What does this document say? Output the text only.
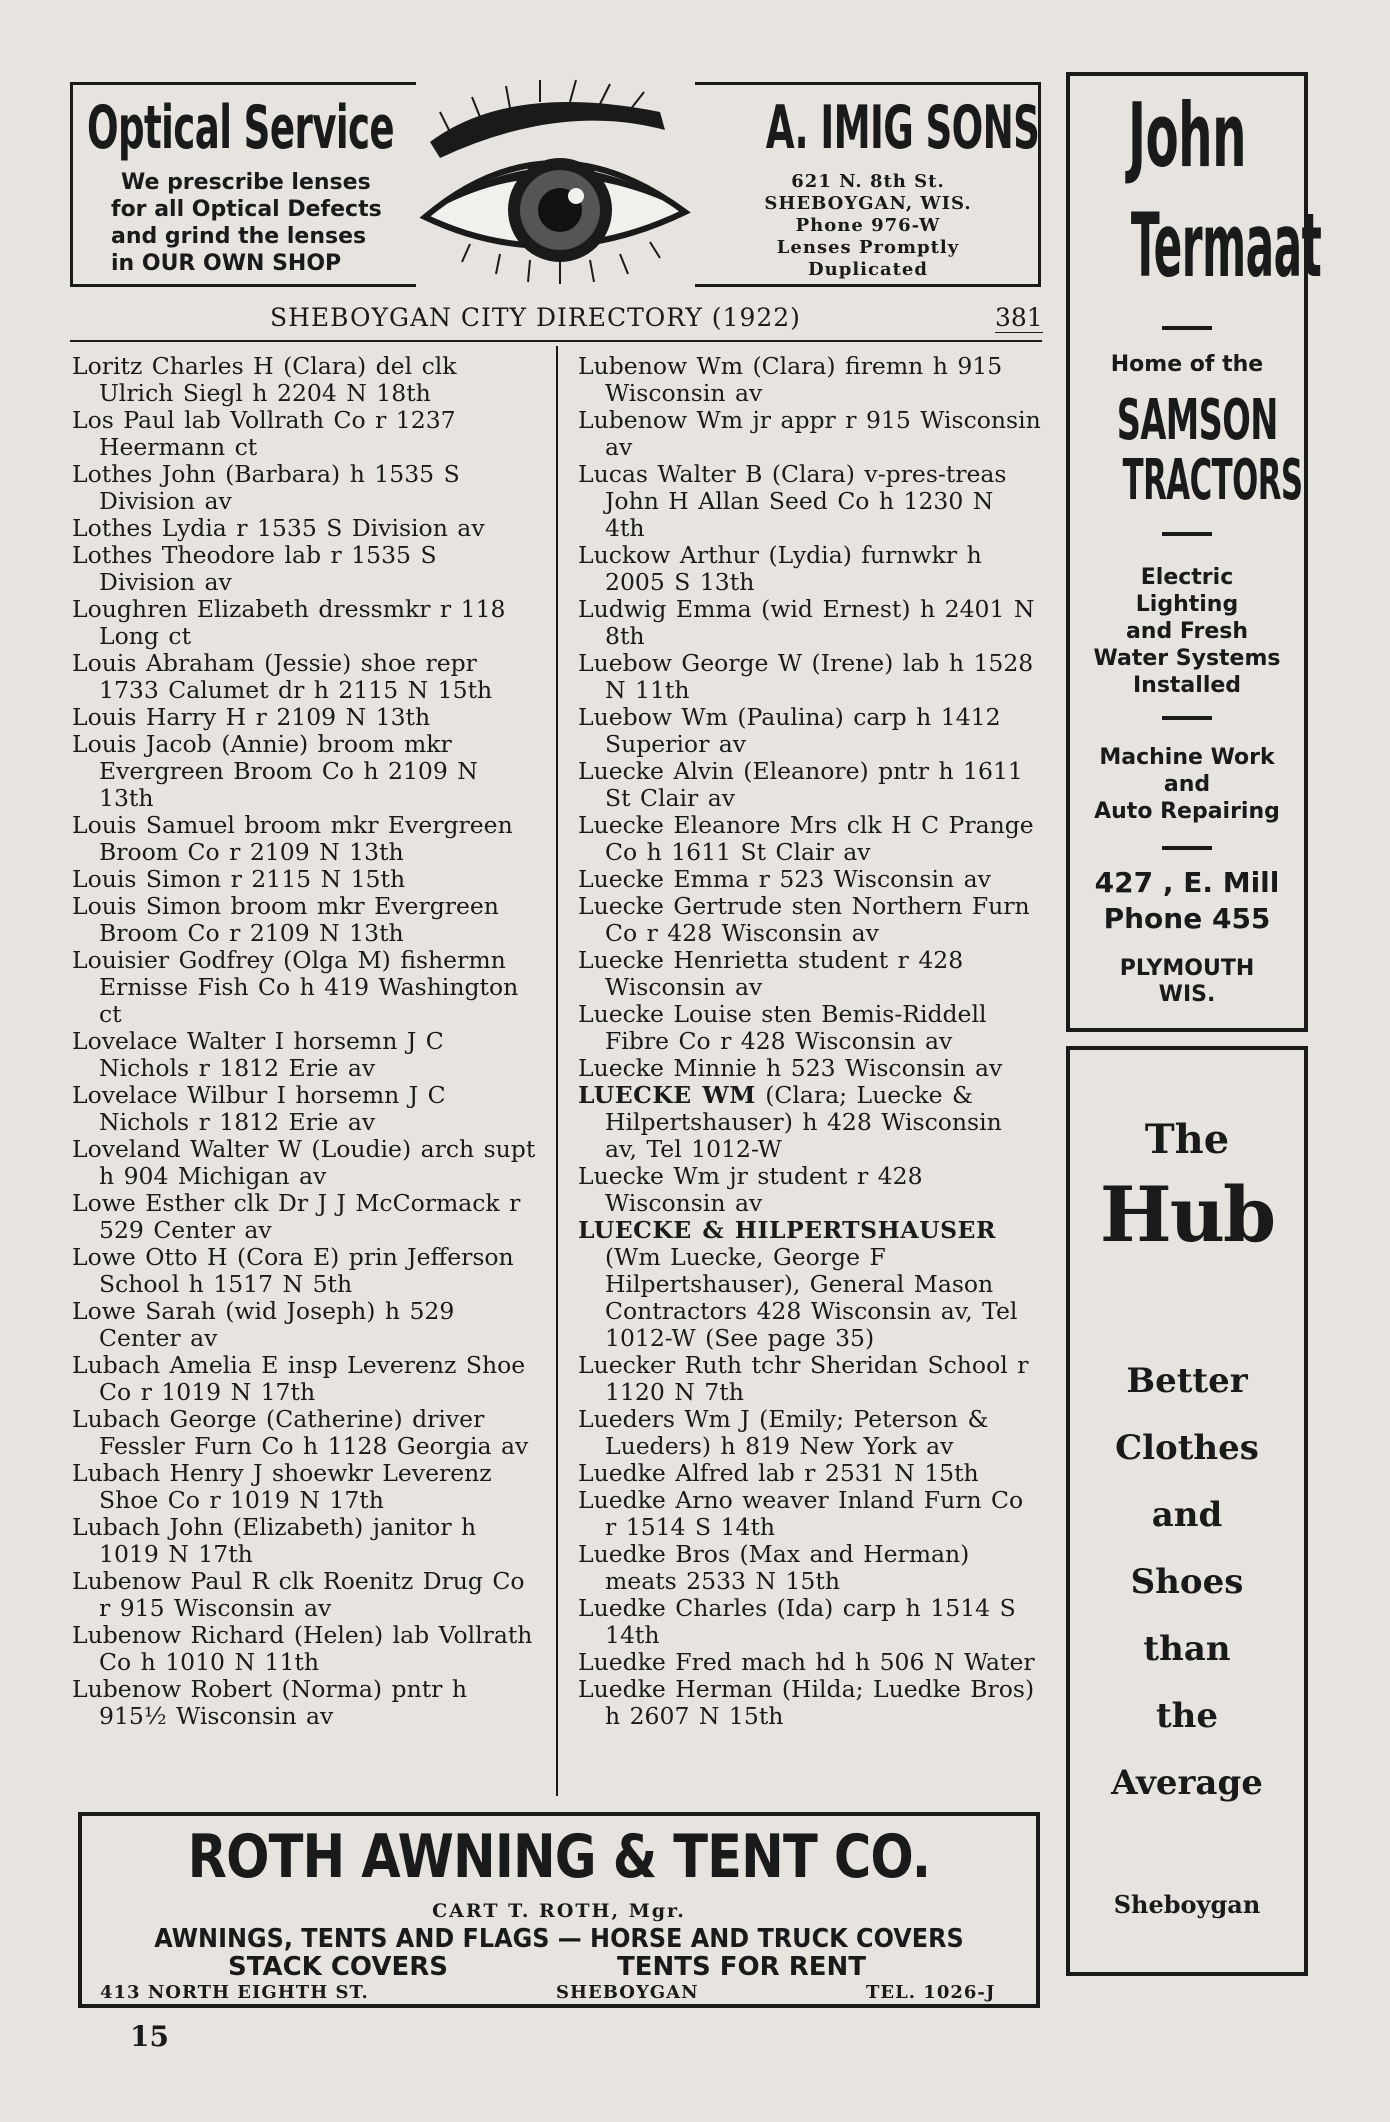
Optical Service
We prescribe lenses
for all Optical Defects
and grind the lenses
in OUR OWN SHOP
A. IMIG SONS
621 N. 8th St.
SHEBOYGAN, WIS.
Phone 976-W
Lenses Promptly
Duplicated
SHEBOYGAN CITY DIRECTORY (1922)	381

Loritz Charles H (Clara) del clk Ulrich Siegl h 2204 N 18th

Los Paul lab Vollrath Co r 1237 Heermann ct

Lothes John (Barbara) h 1535 S Division av

Lothes Lydia r 1535 S Division av

Lothes Theodore lab r 1535 S Division av

Loughren Elizabeth dressmkr r 118 Long ct

Louis Abraham (Jessie) shoe repr 1733 Calumet dr h 2115 N 15th

Louis Harry H r 2109 N 13th

Louis Jacob (Annie) broom mkr Evergreen Broom Co h 2109 N 13th

Louis Samuel broom mkr Evergreen Broom Co r 2109 N 13th

Louis Simon r 2115 N 15th

Louis Simon broom mkr Evergreen Broom Co r 2109 N 13th

Louisier Godfrey (Olga M) fishermn Ernisse Fish Co h 419 Washington ct

Lovelace Walter I horsemn J C Nichols r 1812 Erie av

Lovelace Wilbur I horsemn J C Nichols r 1812 Erie av

Loveland Walter W (Loudie) arch supt h 904 Michigan av

Lowe Esther clk Dr J J McCormack r 529 Center av

Lowe Otto H (Cora E) prin Jefferson School h 1517 N 5th

Lowe Sarah (wid Joseph) h 529 Center av

Lubach Amelia E insp Leverenz Shoe Co r 1019 N 17th

Lubach George (Catherine) driver Fessler Furn Co h 1128 Georgia av

Lubach Henry J shoewkr Leverenz Shoe Co r 1019 N 17th

Lubach John (Elizabeth) janitor h 1019 N 17th

Lubenow Paul R clk Roenitz Drug Co r 915 Wisconsin av

Lubenow Richard (Helen) lab Vollrath Co h 1010 N 11th

Lubenow Robert (Norma) pntr h 915½ Wisconsin av

Lubenow Wm (Clara) firemn h 915 Wisconsin av

Lubenow Wm jr appr r 915 Wisconsin av

Lucas Walter B (Clara) v-pres-treas John H Allan Seed Co h 1230 N 4th

Luckow Arthur (Lydia) furnwkr h 2005 S 13th

Ludwig Emma (wid Ernest) h 2401 N 8th

Luebow George W (Irene) lab h 1528 N 11th

Luebow Wm (Paulina) carp h 1412 Superior av

Luecke Alvin (Eleanore) pntr h 1611 St Clair av

Luecke Eleanore Mrs clk H C Prange Co h 1611 St Clair av

Luecke Emma r 523 Wisconsin av

Luecke Gertrude sten Northern Furn Co r 428 Wisconsin av

Luecke Henrietta student r 428 Wisconsin av

Luecke Louise sten Bemis-Riddell Fibre Co r 428 Wisconsin av

Luecke Minnie h 523 Wisconsin av

LUECKE WM (Clara; Luecke & Hilpertshauser) h 428 Wisconsin av, Tel 1012-W

Luecke Wm jr student r 428 Wisconsin av

LUECKE & HILPERTSHAUSER (Wm Luecke, George F Hilpertshauser), General Mason Contractors 428 Wisconsin av, Tel 1012-W (See page 35)

Luecker Ruth tchr Sheridan School r 1120 N 7th

Lueders Wm J (Emily; Peterson & Lueders) h 819 New York av

Luedke Alfred lab r 2531 N 15th

Luedke Arno weaver Inland Furn Co r 1514 S 14th

Luedke Bros (Max and Herman) meats 2533 N 15th

Luedke Charles (Ida) carp h 1514 S 14th

Luedke Fred mach hd h 506 N Water

Luedke Herman (Hilda; Luedke Bros) h 2607 N 15th

John
Termaat
Home of the
SAMSON
TRACTORS
Electric
Lighting
and Fresh
Water Systems
Installed
Machine Work
and
Auto Repairing
427 , E. Mill
Phone 455
PLYMOUTH
WIS.
The
Hub
Better
Clothes
and
Shoes
than
the
Average
Sheboygan
ROTH AWNING & TENT CO.
CART T. ROTH, Mgr.
AWNINGS, TENTS AND FLAGS — HORSE AND TRUCK COVERS
STACK COVERS	TENTS FOR RENT
413 NORTH EIGHTH ST.	SHEBOYGAN	TEL. 1026-J
15
